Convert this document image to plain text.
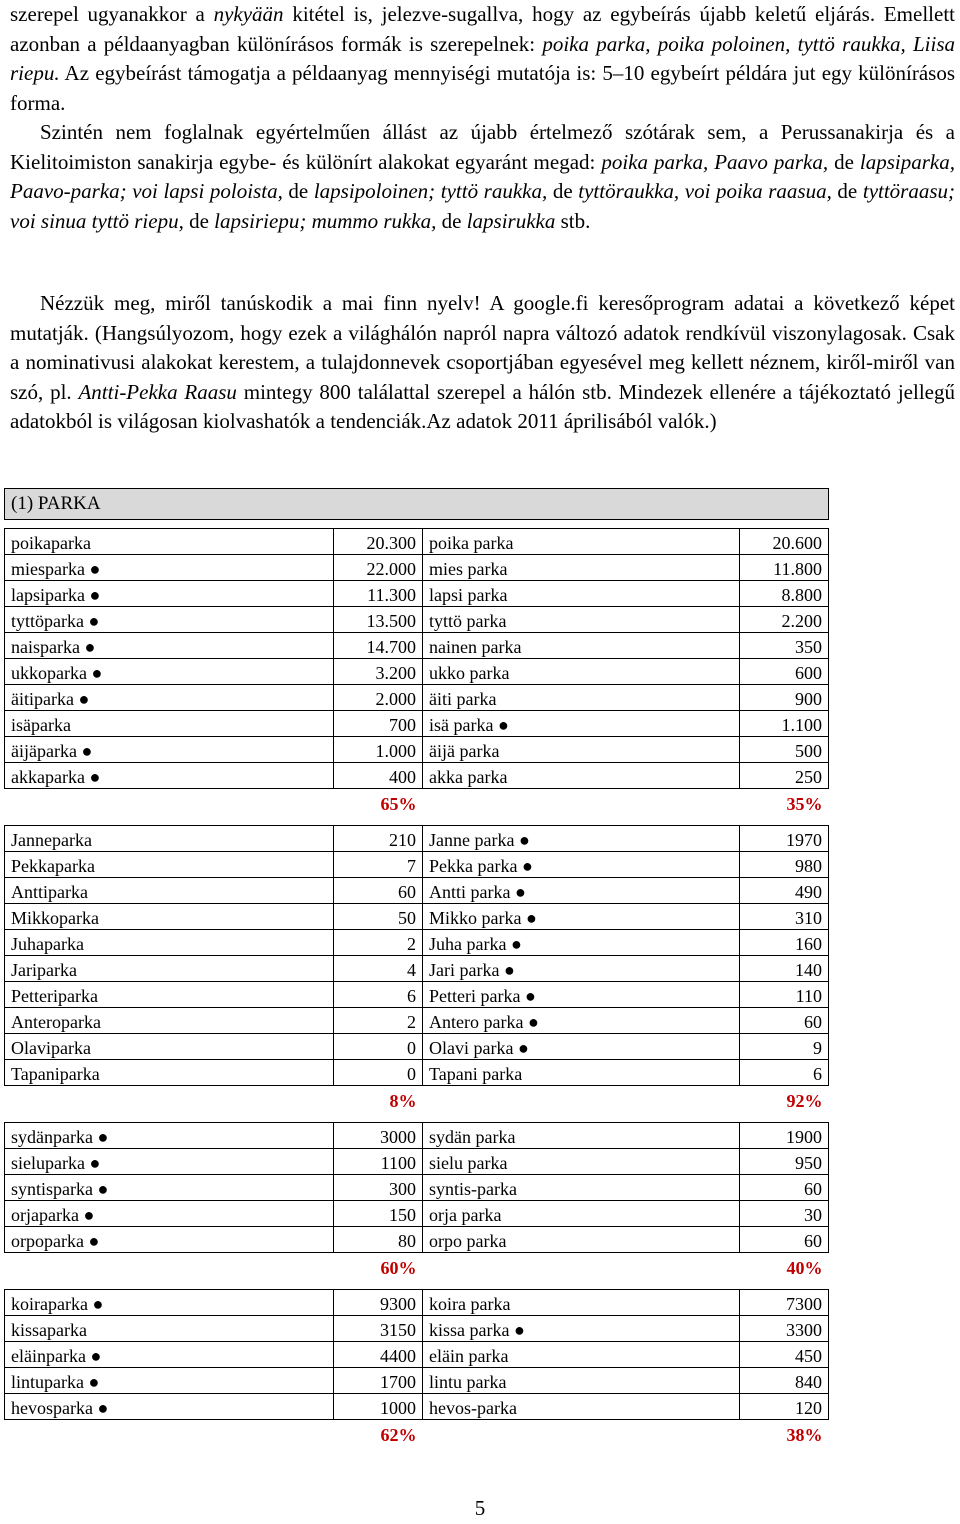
szerepel ugyanakkor a nykyään kitétel is, jelezve-sugallva, hogy az egybeírás újabb keletű eljárás. Emellett azonban a példaanyagban különírásos formák is szerepelnek: poika parka, poika poloinen, tyttö raukka, Liisa riepu. Az egybeírást támogatja a példaanyag mennyiségi mutatója is: 5–10 egybeírt példára jut egy különírásos forma.
Szintén nem foglalnak egyértelműen állást az újabb értelmező szótárak sem, a Perussanakirja és a Kielitoimiston sanakirja egybe- és különírt alakokat egyaránt megad: poika parka, Paavo parka, de lapsiparka, Paavo-parka; voi lapsi poloista, de lapsipoloinen; tyttö raukka, de tyttöraukka, voi poika raasua, de tyttöraasu; voi sinua tyttö riepu, de lapsiriepu; mummo rukka, de lapsirukka stb.
Nézzük meg, miről tanúskodik a mai finn nyelv! A google.fi keresőprogram adatai a következő képet mutatják. (Hangsúlyozom, hogy ezek a világhálón napról napra változó adatok rendkívül viszonylagosak. Csak a nominativusi alakokat kerestem, a tulajdonnevek csoportjában egyesével meg kellett néznem, kiről-miről van szó, pl. Antti-Pekka Raasu mintegy 800 találattal szerepel a hálón stb. Mindezek ellenére a tájékoztató jellegű adatokból is világosan kiolvashatók a tendenciák.Az adatok 2011 áprilisából valók.)
(1) PARKA			

poikaparka	20.300	poika parka	20.600
miesparka ●	22.000	mies parka	11.800
lapsiparka ●	11.300	lapsi parka	8.800
tyttöparka ●	13.500	tyttö parka	2.200
naisparka ●	14.700	nainen parka	350
ukkoparka ●	3.200	ukko parka	600
äitiparka ●	2.000	äiti parka	900
isäparka	700	isä parka ●	1.100
äijäparka ●	1.000	äijä parka	500
akkaparka ●	400	akka parka	250
	65%		35%

Janneparka	210	Janne parka ●	1970
Pekkaparka	7	Pekka parka ●	980
Anttiparka	60	Antti parka ●	490
Mikkoparka	50	Mikko parka ●	310
Juhaparka	2	Juha parka ●	160
Jariparka	4	Jari parka ●	140
Petteriparka	6	Petteri parka ●	110
Anteroparka	2	Antero parka ●	60
Olaviparka	0	Olavi parka ●	9
Tapaniparka	0	Tapani parka	6
	8%		92%

sydänparka ●	3000	sydän parka	1900
sieluparka ●	1100	sielu parka	950
syntisparka ●	300	syntis-parka	60
orjaparka ●	150	orja parka	30
orpoparka ●	80	orpo parka	60
	60%		40%

koiraparka ●	9300	koira parka	7300
kissaparka	3150	kissa parka ●	3300
eläinparka ●	4400	eläin parka	450
lintuparka ●	1700	lintu parka	840
hevosparka ●	1000	hevos-parka	120
	62%		38%
5
